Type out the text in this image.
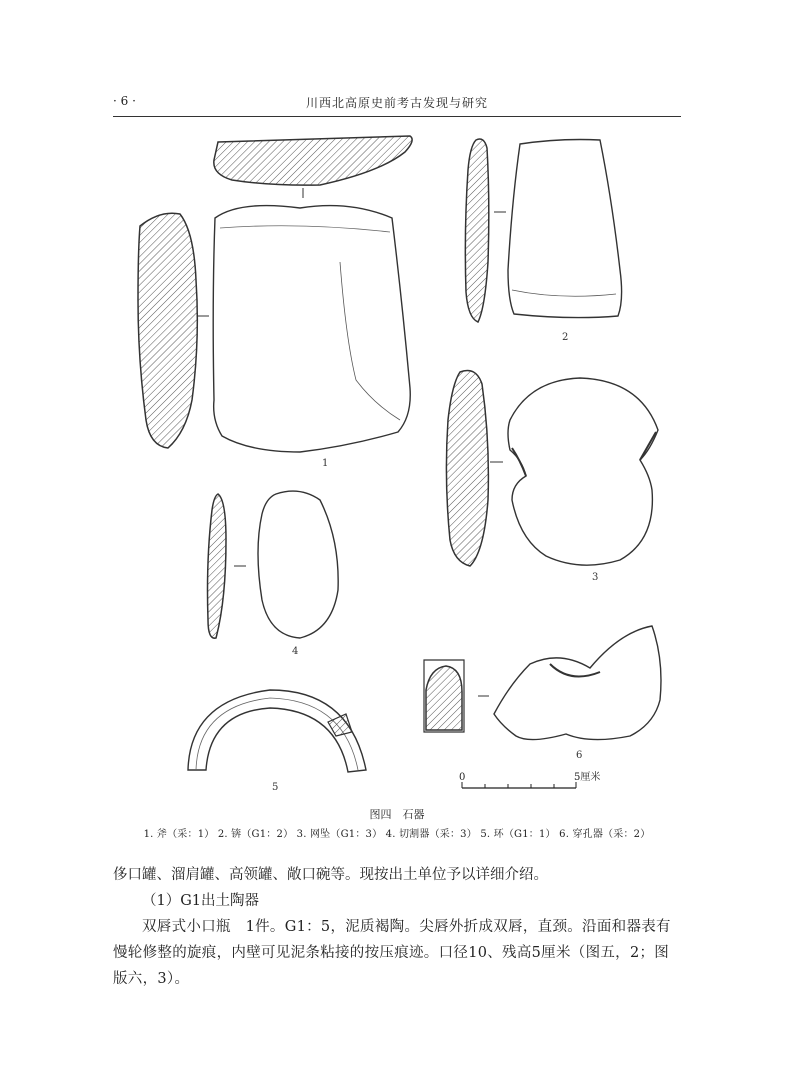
· 6 ·	川西北高原史前考古发现与研究
1
2
3
4
5
6
0	5厘米
图四　石器
1. 斧（采：1） 2. 锛（G1：2） 3. 网坠（G1：3） 4. 切割器（采：3） 5. 环（G1：1） 6. 穿孔器（采：2）
侈口罐、溜肩罐、高领罐、敞口碗等。现按出土单位予以详细介绍。
（1）G1出土陶器
双唇式小口瓶　1件。G1：5，泥质褐陶。尖唇外折成双唇，直颈。沿面和器表有慢轮修整的旋痕，内壁可见泥条粘接的按压痕迹。口径10、残高5厘米（图五，2；图版六，3）。
